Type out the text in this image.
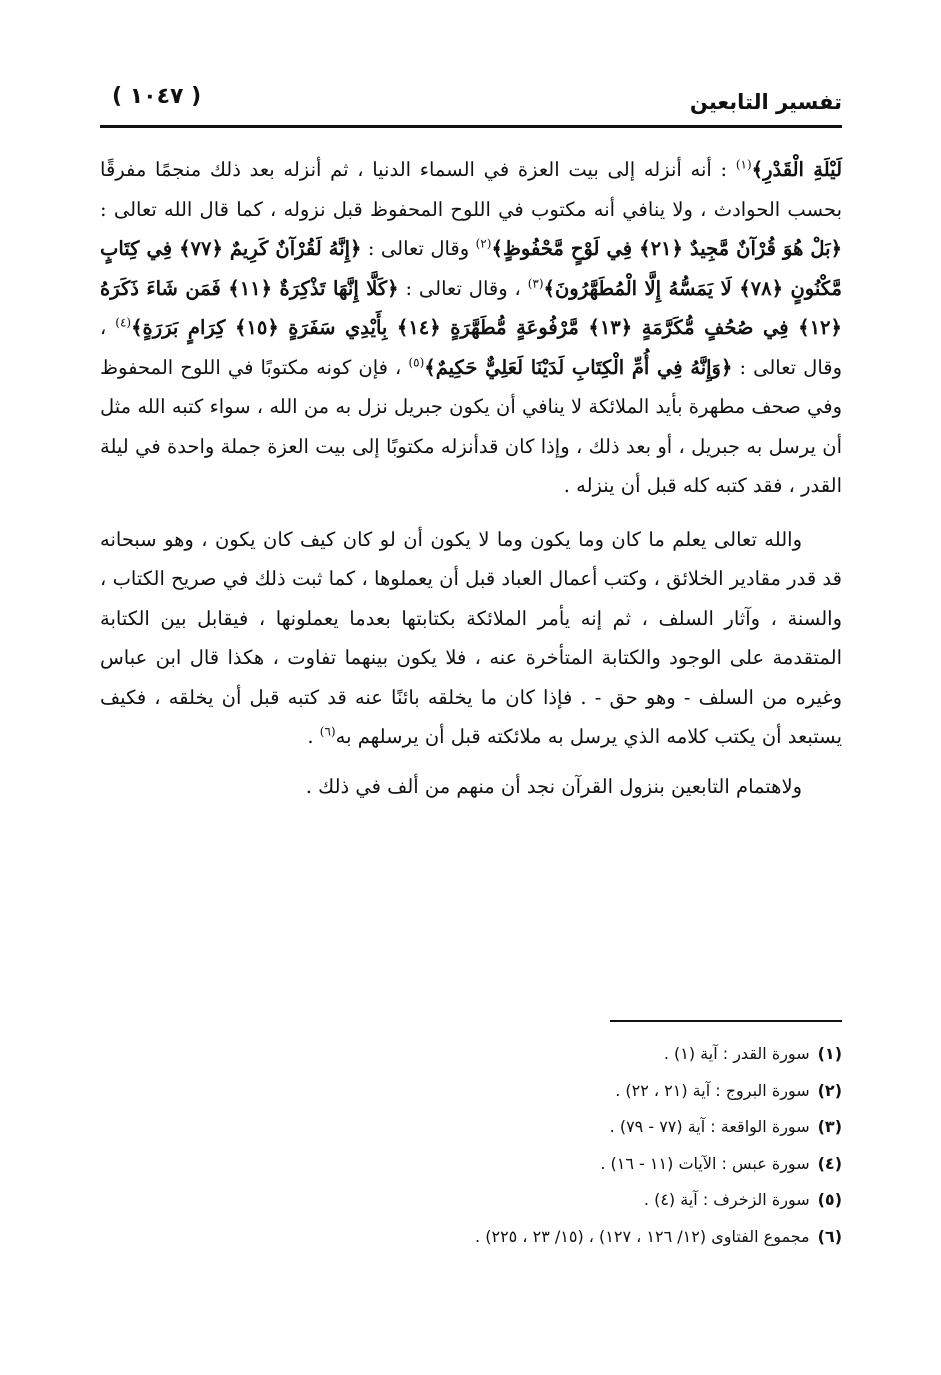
تفسير التابعين
( ١٠٤٧ )

لَيْلَةِ الْقَدْرِ﴾$^{(١)}$ : أنه أنزله إلى بيت العزة في السماء الدنيا ، ثم أنزله بعد ذلك منجمًا مفرقًا بحسب الحوادث ، ولا ينافي أنه مكتوب في اللوح المحفوظ قبل نزوله ، كما قال الله تعالى : ﴿بَلْ هُوَ قُرْآنٌ مَّجِيدٌ ﴿٢١﴾ فِي لَوْحٍ مَّحْفُوظٍ﴾$^{(٢)}$ وقال تعالى : ﴿إِنَّهُ لَقُرْآنٌ كَرِيمٌ ﴿٧٧﴾ فِي كِتَابٍ مَّكْنُونٍ ﴿٧٨﴾ لَا يَمَسُّهُ إِلَّا الْمُطَهَّرُونَ﴾$^{(٣)}$ ، وقال تعالى : ﴿كَلَّا إِنَّهَا تَذْكِرَةٌ ﴿١١﴾ فَمَن شَاءَ ذَكَرَهُ ﴿١٢﴾ فِي صُحُفٍ مُّكَرَّمَةٍ ﴿١٣﴾ مَّرْفُوعَةٍ مُّطَهَّرَةٍ ﴿١٤﴾ بِأَيْدِي سَفَرَةٍ ﴿١٥﴾ كِرَامٍ بَرَرَةٍ﴾$^{(٤)}$ ، وقال تعالى : ﴿وَإِنَّهُ فِي أُمِّ الْكِتَابِ لَدَيْنَا لَعَلِيٌّ حَكِيمٌ﴾$^{(٥)}$ ، فإن كونه مكتوبًا في اللوح المحفوظ وفي صحف مطهرة بأيد الملائكة لا ينافي أن يكون جبريل نزل به من الله ، سواء كتبه الله مثل أن يرسل به جبريل ، أو بعد ذلك ، وإذا كان قدأنزله مكتوبًا إلى بيت العزة جملة واحدة في ليلة القدر ، فقد كتبه كله قبل أن ينزله .

والله تعالى يعلم ما كان وما يكون وما لا يكون أن لو كان كيف كان يكون ، وهو سبحانه قد قدر مقادير الخلائق ، وكتب أعمال العباد قبل أن يعملوها ، كما ثبت ذلك في صريح الكتاب ، والسنة ، وآثار السلف ، ثم إنه يأمر الملائكة بكتابتها بعدما يعملونها ، فيقابل بين الكتابة المتقدمة على الوجود والكتابة المتأخرة عنه ، فلا يكون بينهما تفاوت ، هكذا قال ابن عباس وغيره من السلف - وهو حق - . فإذا كان ما يخلقه بائنًا عنه قد كتبه قبل أن يخلقه ، فكيف يستبعد أن يكتب كلامه الذي يرسل به ملائكته قبل أن يرسلهم به$^{(٦)}$ .

ولاهتمام التابعين بنزول القرآن نجد أن منهم من ألف في ذلك .

(١)سورة القدر : آية (١) .
(٢)سورة البروج : آية (٢١ ، ٢٢) .
(٣)سورة الواقعة : آية (٧٧ - ٧٩) .
(٤)سورة عبس : الآيات (١١ - ١٦) .
(٥)سورة الزخرف : آية (٤) .
(٦)مجموع الفتاوى (١٢/ ١٢٦ ، ١٢٧) ، (١٥/ ٢٣ ، ٢٢٥) .
